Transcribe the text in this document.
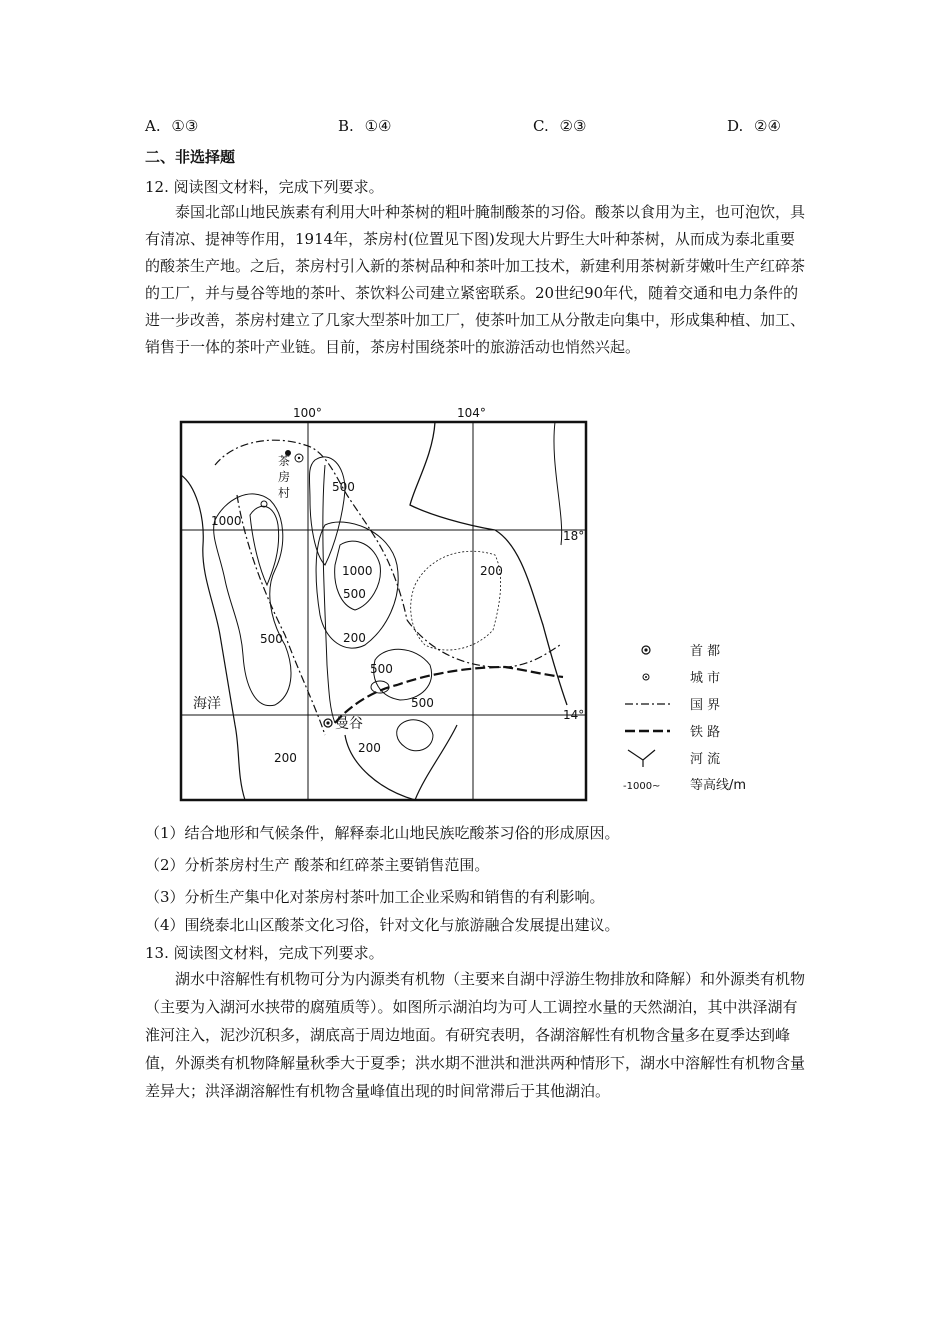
A. ①③	B. ①④	C. ②③	D. ②④
二、非选择题
12. 阅读图文材料，完成下列要求。
泰国北部山地民族素有利用大叶种茶树的粗叶腌制酸茶的习俗。酸茶以食用为主，也可泡饮，具有清凉、提神等作用，1914年，茶房村(位置见下图)发现大片野生大叶种茶树，从而成为泰北重要的酸茶生产地。之后，茶房村引入新的茶树品种和茶叶加工技术，新建利用茶树新芽嫩叶生产红碎茶的工厂，并与曼谷等地的茶叶、茶饮料公司建立紧密联系。20世纪90年代，随着交通和电力条件的进一步改善，茶房村建立了几家大型茶叶加工厂，使茶叶加工从分散走向集中，形成集种植、加工、销售于一体的茶叶产业链。目前，茶房村围绕茶叶的旅游活动也悄然兴起。
100°	104°
18°
14°
500
1000
1000
500
200
200
500
500
500
200
200
茶 房 村
曼谷
海洋
首 都
城 市
国 界
铁 路
河 流
-1000~ 等高线/m
（1）结合地形和气候条件，解释泰北山地民族吃酸茶习俗的形成原因。
（2）分析茶房村生产 酸茶和红碎茶主要销售范围。
（3）分析生产集中化对茶房村茶叶加工企业采购和销售的有利影响。
（4）围绕泰北山区酸茶文化习俗，针对文化与旅游融合发展提出建议。
13. 阅读图文材料，完成下列要求。
湖水中溶解性有机物可分为内源类有机物（主要来自湖中浮游生物排放和降解）和外源类有机物（主要为入湖河水挟带的腐殖质等）。如图所示湖泊均为可人工调控水量的天然湖泊，其中洪泽湖有淮河注入，泥沙沉积多，湖底高于周边地面。有研究表明，各湖溶解性有机物含量多在夏季达到峰值，外源类有机物降解量秋季大于夏季；洪水期不泄洪和泄洪两种情形下，湖水中溶解性有机物含量差异大；洪泽湖溶解性有机物含量峰值出现的时间常滞后于其他湖泊。
